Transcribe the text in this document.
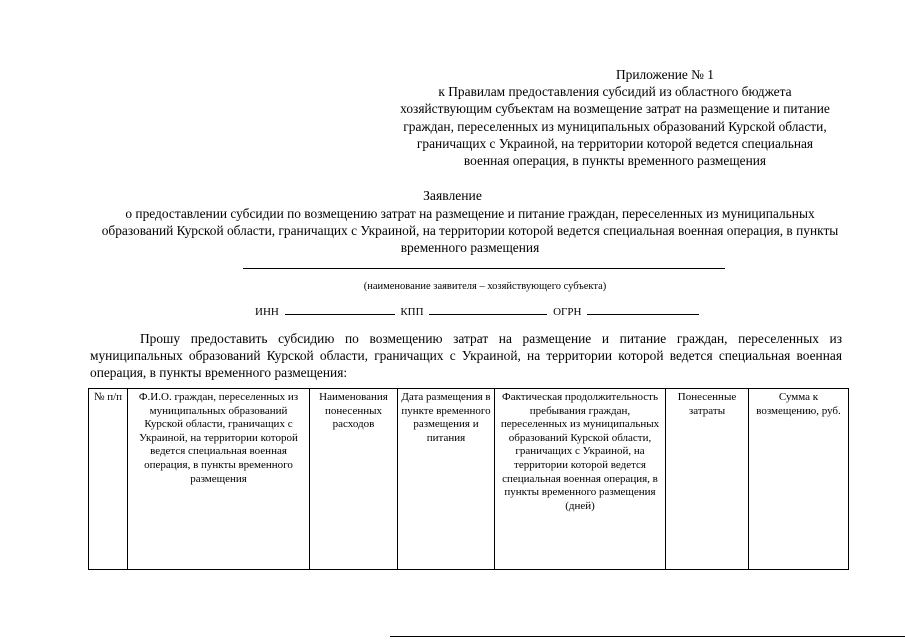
Приложение № 1
к Правилам предоставления субсидий из областного бюджета хозяйствующим субъектам на возмещение затрат на размещение и питание граждан, переселенных из муниципальных образований Курской области, граничащих с Украиной, на территории которой ведется специальная военная операция, в пункты временного размещения
Заявление
о предоставлении субсидии по возмещению затрат на размещение и питание граждан, переселенных из муниципальных образований Курской области, граничащих с Украиной, на территории которой ведется специальная военная операция, в пункты временного размещения
(наименование заявителя – хозяйствующего субъекта)
ИНН	КПП	ОГРН
Прошу предоставить субсидию по возмещению затрат на размещение и питание граждан, переселенных из муниципальных образований Курской области, граничащих с Украиной, на территории которой ведется специальная военная операция, в пункты временного размещения:
№ п/п	Ф.И.О. граждан, переселенных из муниципальных образований Курской области, граничащих с Украиной, на территории которой ведется специальная военная операция, в пункты временного размещения	Наименования понесенных расходов	Дата размещения в пункте временного размещения и питания	Фактическая продолжительность пребывания граждан, переселенных из муниципальных образований Курской области, граничащих с Украиной, на территории которой ведется специальная военная операция, в пункты временного размещения (дней)	Понесенные затраты	Сумма к возмещению, руб.
